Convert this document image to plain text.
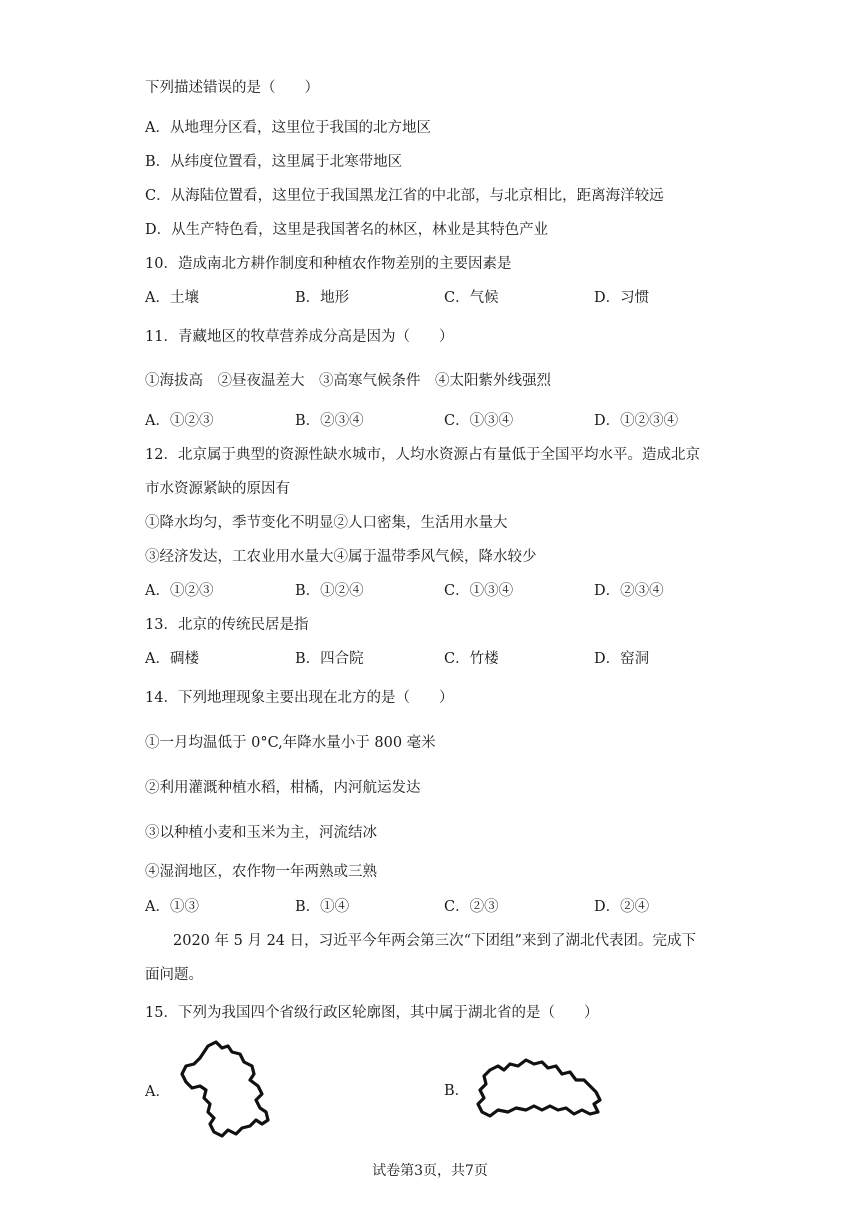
下列描述错误的是（　　）
A．从地理分区看，这里位于我国的北方地区
B．从纬度位置看，这里属于北寒带地区
C．从海陆位置看，这里位于我国黑龙江省的中北部，与北京相比，距离海洋较远
D．从生产特色看，这里是我国著名的林区，林业是其特色产业
10．造成南北方耕作制度和种植农作物差别的主要因素是
A．土壤	B．地形	C．气候	D．习惯
11．青藏地区的牧草营养成分高是因为（　　）
①海拔高　②昼夜温差大　③高寒气候条件　④太阳紫外线强烈
A．①②③	B．②③④	C．①③④	D．①②③④
12．北京属于典型的资源性缺水城市，人均水资源占有量低于全国平均水平。造成北京
市水资源紧缺的原因有
①降水均匀，季节变化不明显②人口密集，生活用水量大
③经济发达，工农业用水量大④属于温带季风气候，降水较少
A．①②③	B．①②④	C．①③④	D．②③④
13．北京的传统民居是指
A．碉楼	B．四合院	C．竹楼	D．窑洞
14．下列地理现象主要出现在北方的是（　　）
①一月均温低于 0°C,年降水量小于 800 毫米
②利用灌溉种植水稻，柑橘，内河航运发达
③以种植小麦和玉米为主，河流结冰
④湿润地区，农作物一年两熟或三熟
A．①③	B．①④	C．②③	D．②④
2020 年 5 月 24 日，习近平今年两会第三次“下团组”来到了湖北代表团。完成下
面问题。
15．下列为我国四个省级行政区轮廓图，其中属于湖北省的是（　　）
A．	B．
试卷第3页，共7页
